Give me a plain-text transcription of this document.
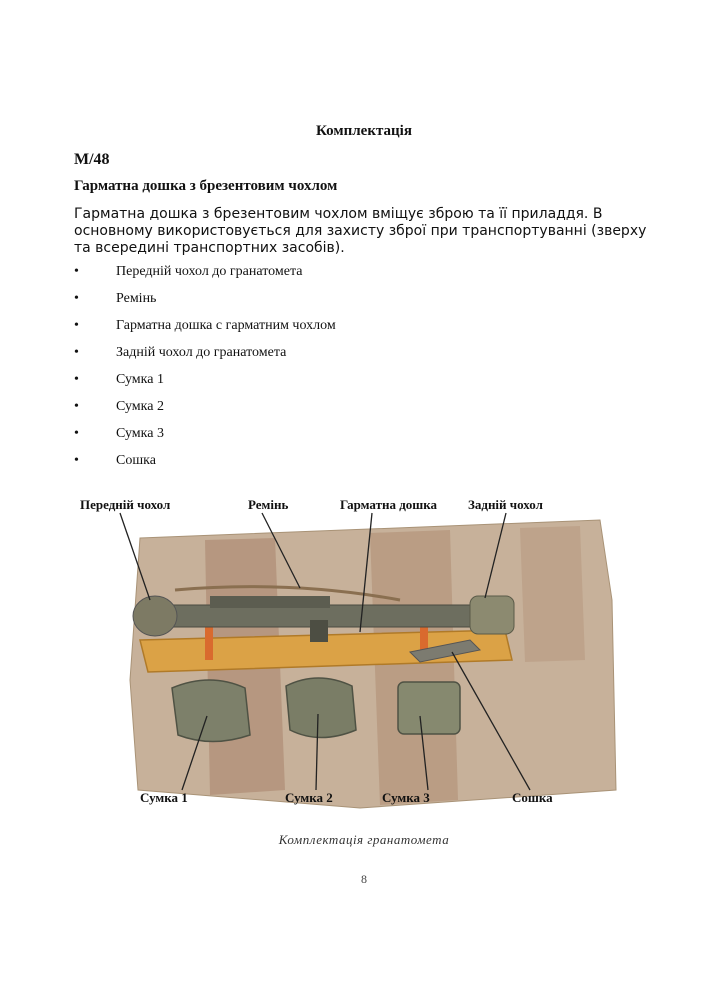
Комплектація
М/48
Гарматна дошка з брезентовим чохлом
Гарматна дошка з брезентовим чохлом вміщує зброю та її приладдя. В основному використовується для захисту зброї при транспортуванні (зверху та всередині транспортних засобів).
•	Передній чохол до гранатомета
•	Ремінь
•	Гарматна дошка с гарматним чохлом
•	Задній чохол до гранатомета
•	Сумка 1
•	Сумка 2
•	Сумка 3
•	Сошка
Передній чохол	Ремінь	Гарматна дошка Задній чохол
Сумка 1	Сумка 2	Сумка 3	Сошка
Комплектація гранатомета
8
